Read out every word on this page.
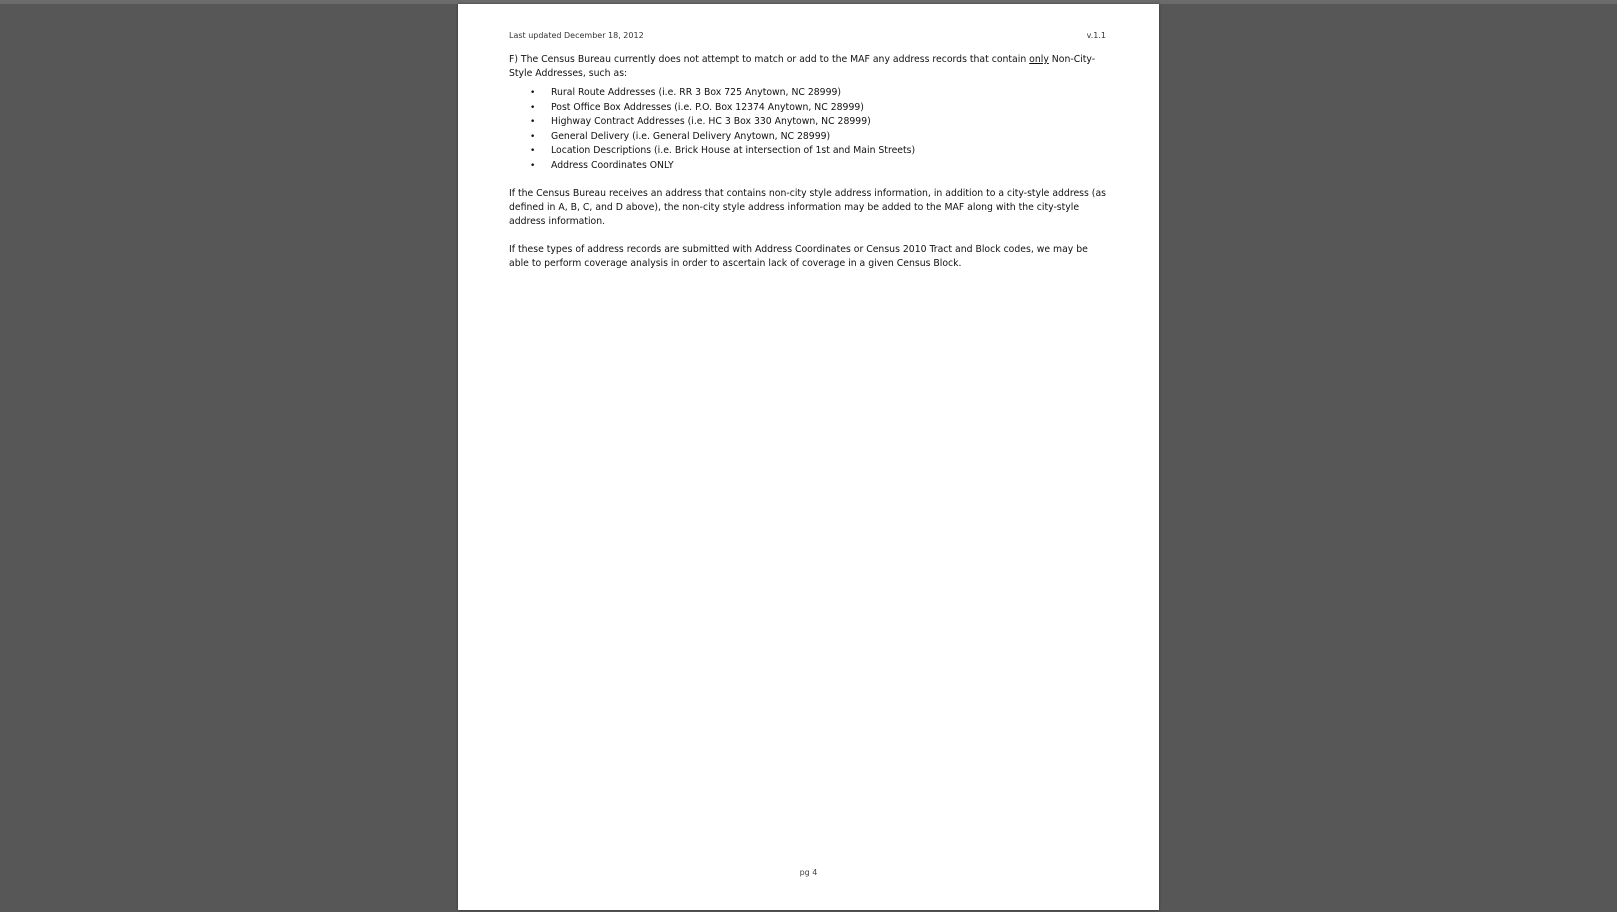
Last updated December 18, 2012	v.1.1

F) The Census Bureau currently does not attempt to match or add to the MAF any address records that contain only Non-City-Style Addresses, such as:

• Rural Route Addresses (i.e. RR 3 Box 725 Anytown, NC 28999)
• Post Office Box Addresses (i.e. P.O. Box 12374 Anytown, NC 28999)
• Highway Contract Addresses (i.e. HC 3 Box 330 Anytown, NC 28999)
• General Delivery (i.e. General Delivery Anytown, NC 28999)
• Location Descriptions (i.e. Brick House at intersection of 1st and Main Streets)
• Address Coordinates ONLY

If the Census Bureau receives an address that contains non-city style address information, in addition to a city-style address (as defined in A, B, C, and D above), the non-city style address information may be added to the MAF along with the city-style address information.

If these types of address records are submitted with Address Coordinates or Census 2010 Tract and Block codes, we may be able to perform coverage analysis in order to ascertain lack of coverage in a given Census Block.

pg 4
